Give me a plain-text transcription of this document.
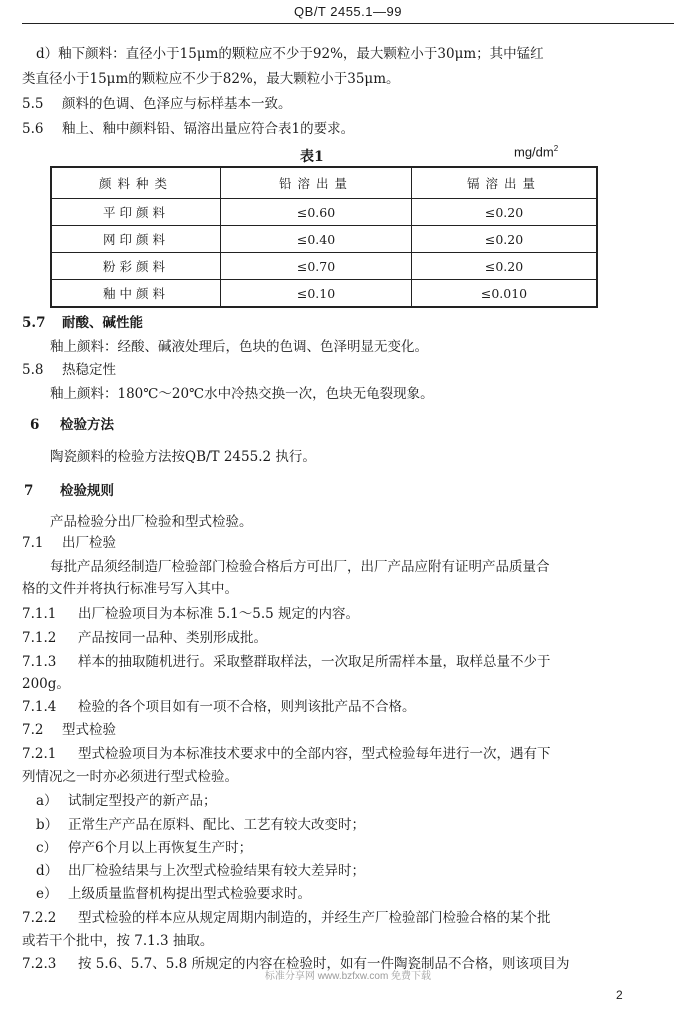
QB/T 2455.1—99
d）釉下颜料：直径小于15μm的颗粒应不少于92%，最大颗粒小于30μm；其中锰红
类直径小于15μm的颗粒应不少于82%，最大颗粒小于35μm。
5.5 颜料的色调、色泽应与标样基本一致。
5.6 釉上、釉中颜料铅、镉溶出量应符合表1的要求。
表1	$mg/dm^2$
颜料种类	铅溶出量	镉溶出量
平印颜料	≤0.60	≤0.20
网印颜料	≤0.40	≤0.20
粉彩颜料	≤0.70	≤0.20
釉中颜料	≤0.10	≤0.010
5.7 耐酸、碱性能
釉上颜料：经酸、碱液处理后，色块的色调、色泽明显无变化。
5.8 热稳定性
釉上颜料：180℃～20℃水中冷热交换一次，色块无龟裂现象。
6 检验方法
陶瓷颜料的检验方法按QB/T 2455.2 执行。
7 检验规则
产品检验分出厂检验和型式检验。
7.1 出厂检验
每批产品须经制造厂检验部门检验合格后方可出厂，出厂产品应附有证明产品质量合
格的文件并将执行标准号写入其中。
7.1.1 出厂检验项目为本标准 5.1～5.5 规定的内容。
7.1.2 产品按同一品种、类别形成批。
7.1.3 样本的抽取随机进行。采取整群取样法，一次取足所需样本量，取样总量不少于
200g。
7.1.4 检验的各个项目如有一项不合格，则判该批产品不合格。
7.2 型式检验
7.2.1 型式检验项目为本标准技术要求中的全部内容，型式检验每年进行一次，遇有下
列情况之一时亦必须进行型式检验。
a） 试制定型投产的新产品；
b） 正常生产产品在原料、配比、工艺有较大改变时；
c） 停产6个月以上再恢复生产时；
d） 出厂检验结果与上次型式检验结果有较大差异时；
e） 上级质量监督机构提出型式检验要求时。
7.2.2 型式检验的样本应从规定周期内制造的，并经生产厂检验部门检验合格的某个批
或若干个批中，按 7.1.3 抽取。
7.2.3 按 5.6、5.7、5.8 所规定的内容在检验时，如有一件陶瓷制品不合格，则该项目为
标准分享网 www.bzfxw.com 免费下载
2
